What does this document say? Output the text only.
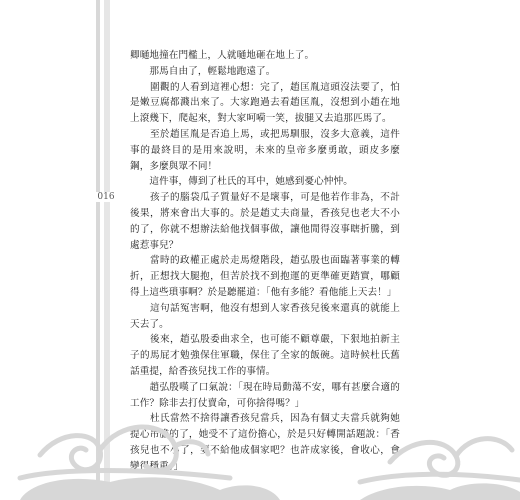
016

卿嗵地撞在門檻上，人就嗵地砸在地上了。

　　那馬自由了，輕鬆地跑遠了。

　　圍觀的人看到這裡心想：完了，趙匡胤這頭沒法要了，怕是嫩豆腐都濺出來了。大家跑過去看趙匡胤，沒想到小趙在地上滾幾下，爬起來，對大家呵嗬一笑，拔腿又去追那匹馬了。

　　至於趙匡胤是否追上馬，或把馬馴服，沒多大意義，這件事的最終目的是用來說明，未來的皇帝多麼勇敢，頭皮多麼鋼，多麼與眾不同！

　　這件事，傳到了杜氏的耳中，她感到憂心忡忡。

　　孩子的腦袋瓜子質量好不是壞事，可是他若作非為，不計後果，將來會出大事的。於是趙丈夫商量，香孩兒也老大不小的了，你就不想辦法給他找個事做，讓他閒得沒事瞎折騰，到處惹事兒？

　　當時的政權正處於走馬燈階段，趙弘殷也面臨著事業的轉折，正想找大腿抱，但苦於找不到抱運的更準確更踏實，哪顧得上這些瑣事啊？於是聽罷道：「他有多能？看他能上天去！」

　　這句話冤害啊，他沒有想到人家香孩兒後來還真的就能上天去了。

　　後來，趙弘殷委曲求全，也可能不顧尊嚴，下狠地拍新主子的馬屁才勉強保住軍職，保住了全家的飯碗。這時候杜氏舊話重提，給香孩兒找工作的事情。

　　趙弘殷嘆了口氣說：「現在時局動蕩不安，哪有甚麼合適的工作？除非去打仗賣命，可你捨得嗎？」

　　杜氏當然不捨得讓香孩兒當兵，因為有個丈夫當兵就夠她提心吊膽的了，她受不了這份擔心，於是只好轉開話題說：「香孩兒也不小了，要不給他成個家吧？也許成家後，會收心，會變得穩重。」
